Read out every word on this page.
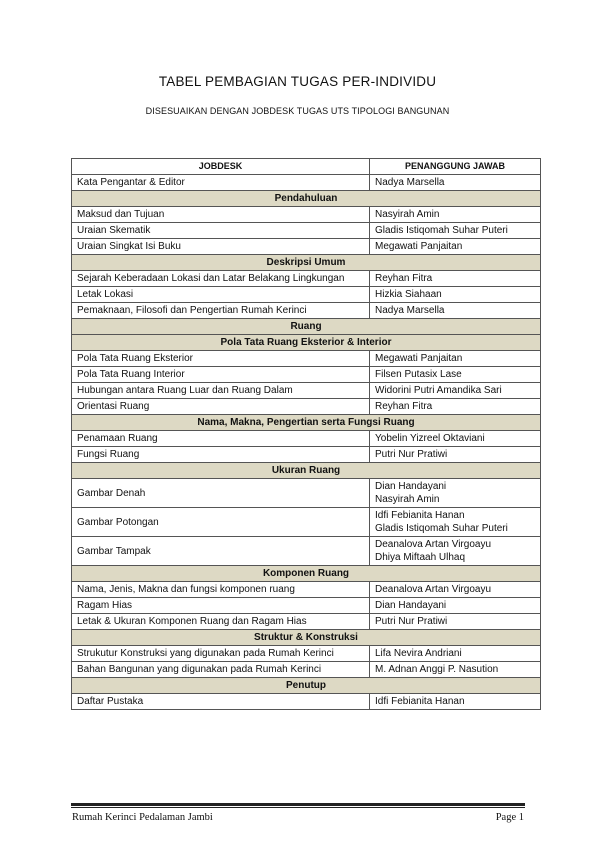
TABEL PEMBAGIAN TUGAS PER-INDIVIDU
DISESUAIKAN DENGAN JOBDESK TUGAS UTS TIPOLOGI BANGUNAN
JOBDESK	PENANGGUNG JAWAB
Kata Pengantar & Editor	Nadya Marsella
Pendahuluan	
Maksud dan Tujuan	Nasyirah Amin
Uraian Skematik	Gladis Istiqomah Suhar Puteri
Uraian Singkat Isi Buku	Megawati Panjaitan
Deskripsi Umum	
Sejarah Keberadaan Lokasi dan Latar Belakang Lingkungan	Reyhan Fitra
Letak Lokasi	Hizkia Siahaan
Pemaknaan, Filosofi dan Pengertian Rumah Kerinci	Nadya Marsella
Ruang	
Pola Tata Ruang Eksterior & Interior	
Pola Tata Ruang Eksterior	Megawati Panjaitan
Pola Tata Ruang Interior	Filsen Putasix Lase
Hubungan antara Ruang Luar dan Ruang Dalam	Widorini Putri Amandika Sari
Orientasi Ruang	Reyhan Fitra
Nama, Makna, Pengertian serta Fungsi Ruang	
Penamaan Ruang	Yobelin Yizreel Oktaviani
Fungsi Ruang	Putri Nur Pratiwi
Ukuran Ruang	
Gambar Denah	Dian Handayani
Nasyirah Amin

Gambar Potongan	Idfi Febianita Hanan
Gladis Istiqomah Suhar Puteri

Gambar Tampak	Deanalova Artan Virgoayu
Dhiya Miftaah Ulhaq

Komponen Ruang	
Nama, Jenis, Makna dan fungsi komponen ruang	Deanalova Artan Virgoayu
Ragam Hias	Dian Handayani
Letak & Ukuran Komponen Ruang dan Ragam Hias	Putri Nur Pratiwi
Struktur & Konstruksi	
Strukutur Konstruksi yang digunakan pada Rumah Kerinci	Lifa Nevira Andriani
Bahan Bangunan yang digunakan pada Rumah Kerinci	M. Adnan Anggi P. Nasution
Penutup	
Daftar Pustaka	Idfi Febianita Hanan
Rumah Kerinci Pedalaman Jambi	Page 1
